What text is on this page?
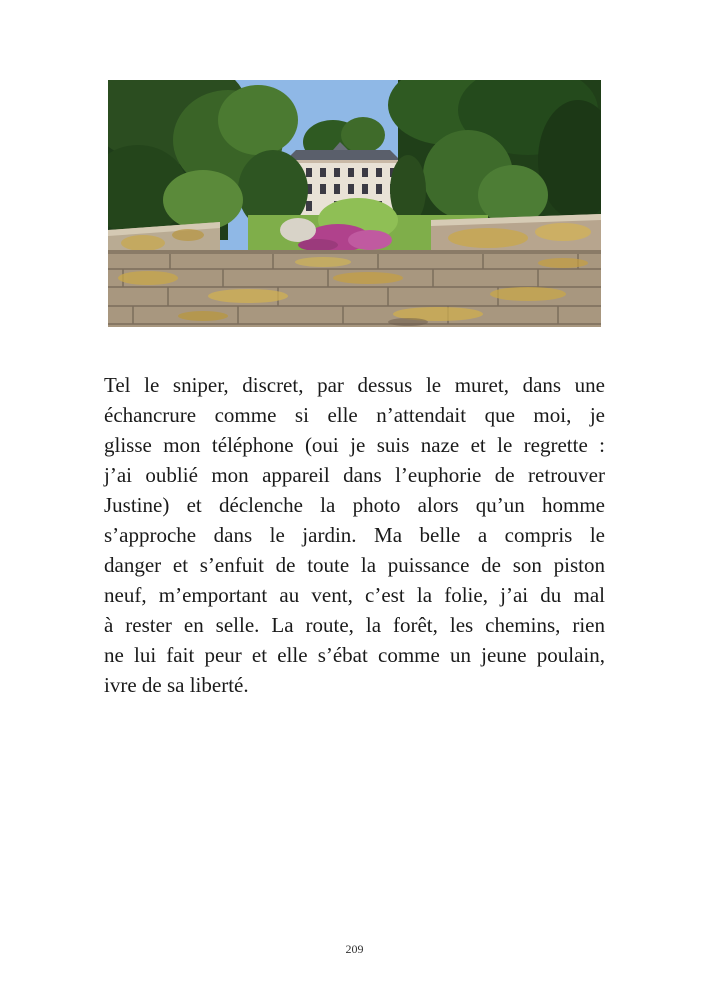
Tel le sniper, discret, par dessus le muret, dans une
échancrure comme si elle n’attendait que moi, je
glisse mon téléphone (oui je suis naze et le regrette :
j’ai oublié mon appareil dans l’euphorie de retrouver
Justine) et déclenche la photo alors qu’un homme
s’approche dans le jardin. Ma belle a compris le
danger et s’enfuit de toute la puissance de son piston
neuf, m’emportant au vent, c’est la folie, j’ai du mal
à rester en selle. La route, la forêt, les chemins, rien
ne lui fait peur et elle s’ébat comme un jeune poulain,
ivre de sa liberté.

209
